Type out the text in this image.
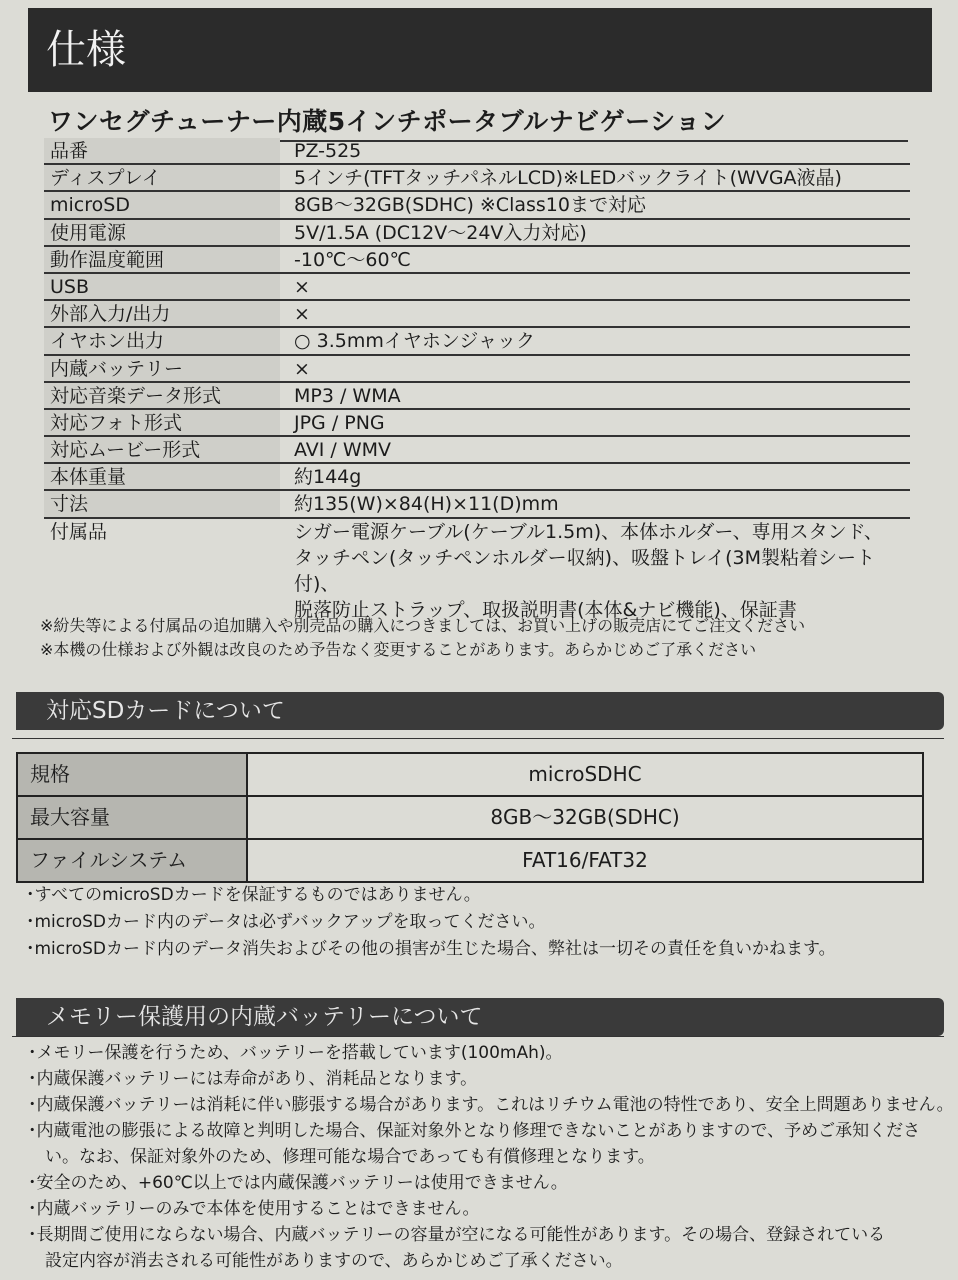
仕様
ワンセグチューナー内蔵5インチポータブルナビゲーション
品番	PZ-525
ディスプレイ	5インチ(TFTタッチパネルLCD)※LEDバックライト(WVGA液晶)
microSD	8GB〜32GB(SDHC) ※Class10まで対応
使用電源	5V/1.5A (DC12V〜24V入力対応)
動作温度範囲	-10℃〜60℃
USB	×
外部入力/出力	×
イヤホン出力	○ 3.5mmイヤホンジャック
内蔵バッテリー	×
対応音楽データ形式	MP3 / WMA
対応フォト形式	JPG / PNG
対応ムービー形式	AVI / WMV
本体重量	約144g
寸法	約135(W)×84(H)×11(D)mm
付属品	シガー電源ケーブル(ケーブル1.5m)、本体ホルダー、専用スタンド、
タッチペン(タッチペンホルダー収納)、吸盤トレイ(3M製粘着シート付)、
脱落防止ストラップ、取扱説明書(本体&ナビ機能)、保証書
※紛失等による付属品の追加購入や別売品の購入につきましては、お買い上げの販売店にてご注文ください
※本機の仕様および外観は改良のため予告なく変更することがあります。あらかじめご了承ください
対応SDカードについて
規格	microSDHC
最大容量	8GB〜32GB(SDHC)
ファイルシステム	FAT16/FAT32
･すべてのmicroSDカードを保証するものではありません。
･microSDカード内のデータは必ずバックアップを取ってください。
･microSDカード内のデータ消失およびその他の損害が生じた場合、弊社は一切その責任を負いかねます。
メモリー保護用の内蔵バッテリーについて
･メモリー保護を行うため、バッテリーを搭載しています(100mAh)。
･内蔵保護バッテリーには寿命があり、消耗品となります。
･内蔵保護バッテリーは消耗に伴い膨張する場合があります。これはリチウム電池の特性であり、安全上問題ありません。
･内蔵電池の膨張による故障と判明した場合、保証対象外となり修理できないことがありますので、予めご承知くださ
　い。なお、保証対象外のため、修理可能な場合であっても有償修理となります。
･安全のため、+60℃以上では内蔵保護バッテリーは使用できません。
･内蔵バッテリーのみで本体を使用することはできません。
･長期間ご使用にならない場合、内蔵バッテリーの容量が空になる可能性があります。その場合、登録されている
　設定内容が消去される可能性がありますので、あらかじめご了承ください。
